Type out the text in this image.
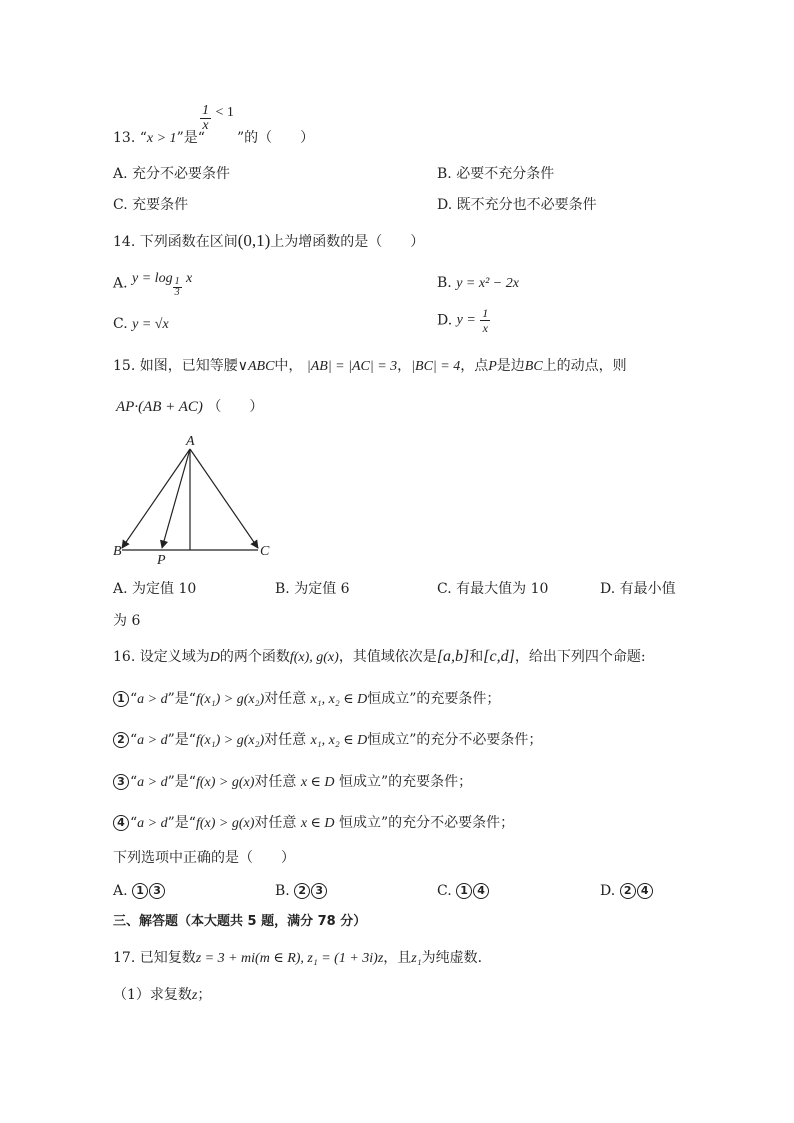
13. “x > 1”是“
$\frac{1}{x} < 1$
”的（　　）
A. 充分不必要条件	B. 必要不充分条件
C. 充要条件	D. 既不充分也不必要条件
14. 下列函数在区间(0,1)上为增函数的是（　　）
A. $y = \log \frac{1}{3}$ x	B. y = x² − 2x
C. y = √x	D. $y = \frac{1}{x}$
15. 如图，已知等腰∨ABC中， |AB| = |AC| = 3，|BC| = 4，点P是边BC上的动点，则
AP·(AB + AC) （　　）
A
B	C
P
A. 为定值 10	B. 为定值 6	C. 有最大值为 10	D. 有最小值
为 6
16. 设定义域为D的两个函数f(x), g(x)，其值域依次是[a,b]和[c,d]，给出下列四个命题:
1 “a > d”是“f(x₁) > g(x₂)对任意 x₁, x₂ ∈ D恒成立”的充要条件；
2 “a > d”是“f(x₁) > g(x₂)对任意 x₁, x₂ ∈ D恒成立”的充分不必要条件；
3 “a > d”是“f(x) > g(x)对任意 x ∈ D 恒成立”的充要条件；
4 “a > d”是“f(x) > g(x)对任意 x ∈ D 恒成立”的充分不必要条件；
下列选项中正确的是（　　）
A. 1 3	B. 2 3	C. 1 4	D. 2 4
三、解答题（本大题共 5 题，满分 78 分）
17. 已知复数z = 3 + mi(m ∈ R), z₁ = (1 + 3i)z，且z₁为纯虚数．
（1）求复数z；
